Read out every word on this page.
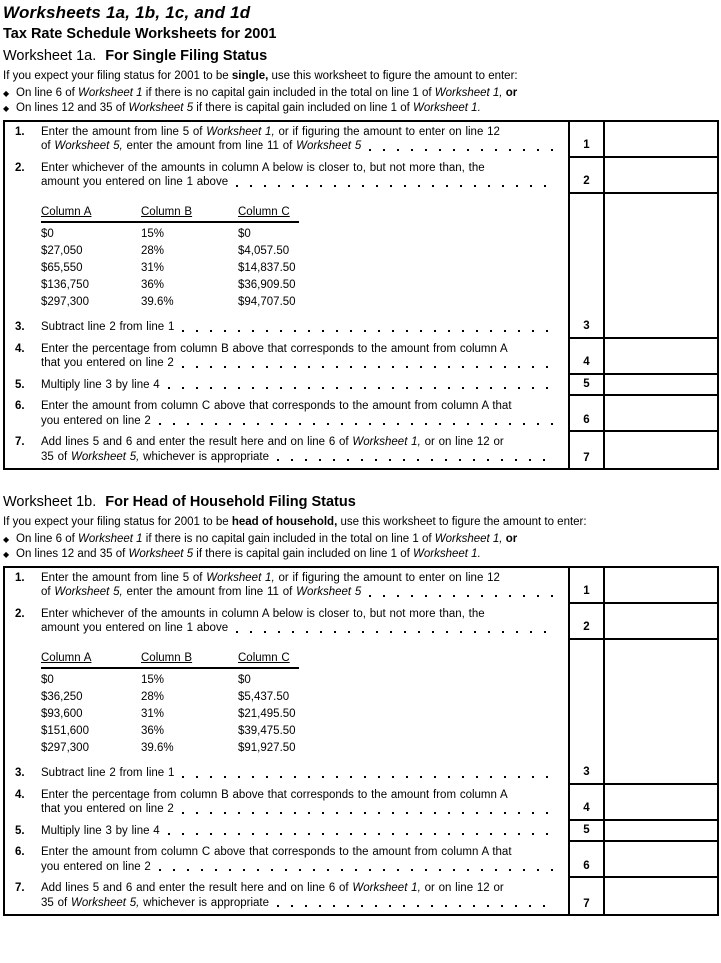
Worksheets 1a, 1b, 1c, and 1d
Tax Rate Schedule Worksheets for 2001
Worksheet 1a. For Single Filing Status
If you expect your filing status for 2001 to be single, use this worksheet to figure the amount to enter:
◆ On line 6 of Worksheet 1 if there is no capital gain included in the total on line 1 of Worksheet 1, or
◆ On lines 12 and 35 of Worksheet 5 if there is capital gain included on line 1 of Worksheet 1.
1.	Enter the amount from line 5 of Worksheet 1, or if figuring the amount to enter on line 12
of Worksheet 5, enter the amount from line 11 of Worksheet 5	1
2.	Enter whichever of the amounts in column A below is closer to, but not more than, the
amount you entered on line 1 above	2
Column A	Column B	Column C
$0	15%	$0
$27,050	28%	$4,057.50
$65,550	31%	$14,837.50
$136,750	36%	$36,909.50
$297,300	39.6%	$94,707.50
3.	Subtract line 2 from line 1	3
4.	Enter the percentage from column B above that corresponds to the amount from column A
that you entered on line 2	4
5.	Multiply line 3 by line 4	5
6.	Enter the amount from column C above that corresponds to the amount from column A that
you entered on line 2	6
7.	Add lines 5 and 6 and enter the result here and on line 6 of Worksheet 1, or on line 12 or
35 of Worksheet 5, whichever is appropriate	7
Worksheet 1b. For Head of Household Filing Status
If you expect your filing status for 2001 to be head of household, use this worksheet to figure the amount to enter:
◆ On line 6 of Worksheet 1 if there is no capital gain included in the total on line 1 of Worksheet 1, or
◆ On lines 12 and 35 of Worksheet 5 if there is capital gain included on line 1 of Worksheet 1.
1.	Enter the amount from line 5 of Worksheet 1, or if figuring the amount to enter on line 12
of Worksheet 5, enter the amount from line 11 of Worksheet 5	1
2.	Enter whichever of the amounts in column A below is closer to, but not more than, the
amount you entered on line 1 above	2
Column A	Column B	Column C
$0	15%	$0
$36,250	28%	$5,437.50
$93,600	31%	$21,495.50
$151,600	36%	$39,475.50
$297,300	39.6%	$91,927.50
3.	Subtract line 2 from line 1	3
4.	Enter the percentage from column B above that corresponds to the amount from column A
that you entered on line 2	4
5.	Multiply line 3 by line 4	5
6.	Enter the amount from column C above that corresponds to the amount from column A that
you entered on line 2	6
7.	Add lines 5 and 6 and enter the result here and on line 6 of Worksheet 1, or on line 12 or
35 of Worksheet 5, whichever is appropriate	7
